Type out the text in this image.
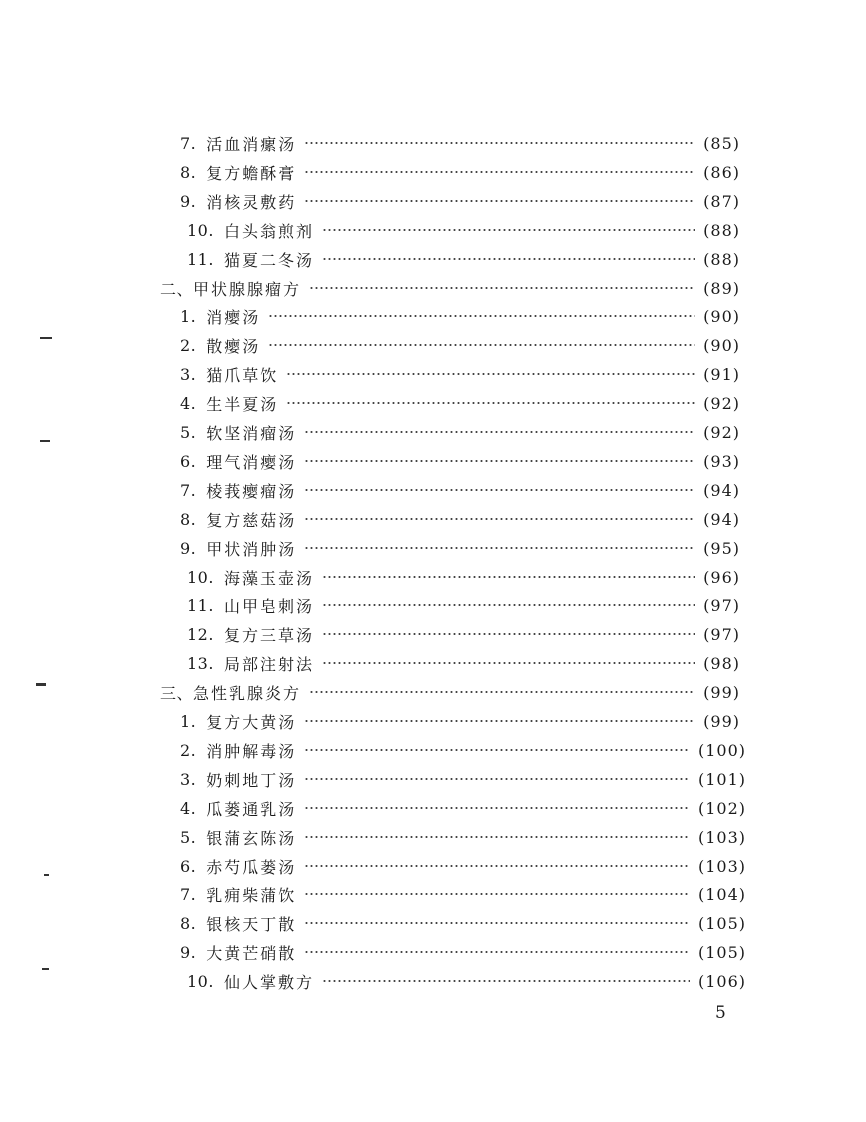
7. 活血消瘰汤	(85)
8. 复方蟾酥膏	(86)
9. 消核灵敷药	(87)
10. 白头翁煎剂	(88)
11. 猫夏二冬汤	(88)
二、 甲状腺腺瘤方	(89)
1. 消瘿汤	(90)
2. 散瘿汤	(90)
3. 猫爪草饮	(91)
4. 生半夏汤	(92)
5. 软坚消瘤汤	(92)
6. 理气消瘿汤	(93)
7. 棱莪瘿瘤汤	(94)
8. 复方慈菇汤	(94)
9. 甲状消肿汤	(95)
10. 海藻玉壶汤	(96)
11. 山甲皂刺汤	(97)
12. 复方三草汤	(97)
13. 局部注射法	(98)
三、 急性乳腺炎方	(99)
1. 复方大黄汤	(99)
2. 消肿解毒汤	(100)
3. 奶刺地丁汤	(101)
4. 瓜蒌通乳汤	(102)
5. 银蒲玄陈汤	(103)
6. 赤芍瓜蒌汤	(103)
7. 乳痈柴蒲饮	(104)
8. 银核天丁散	(105)
9. 大黄芒硝散	(105)
10. 仙人掌敷方	(106)
5
